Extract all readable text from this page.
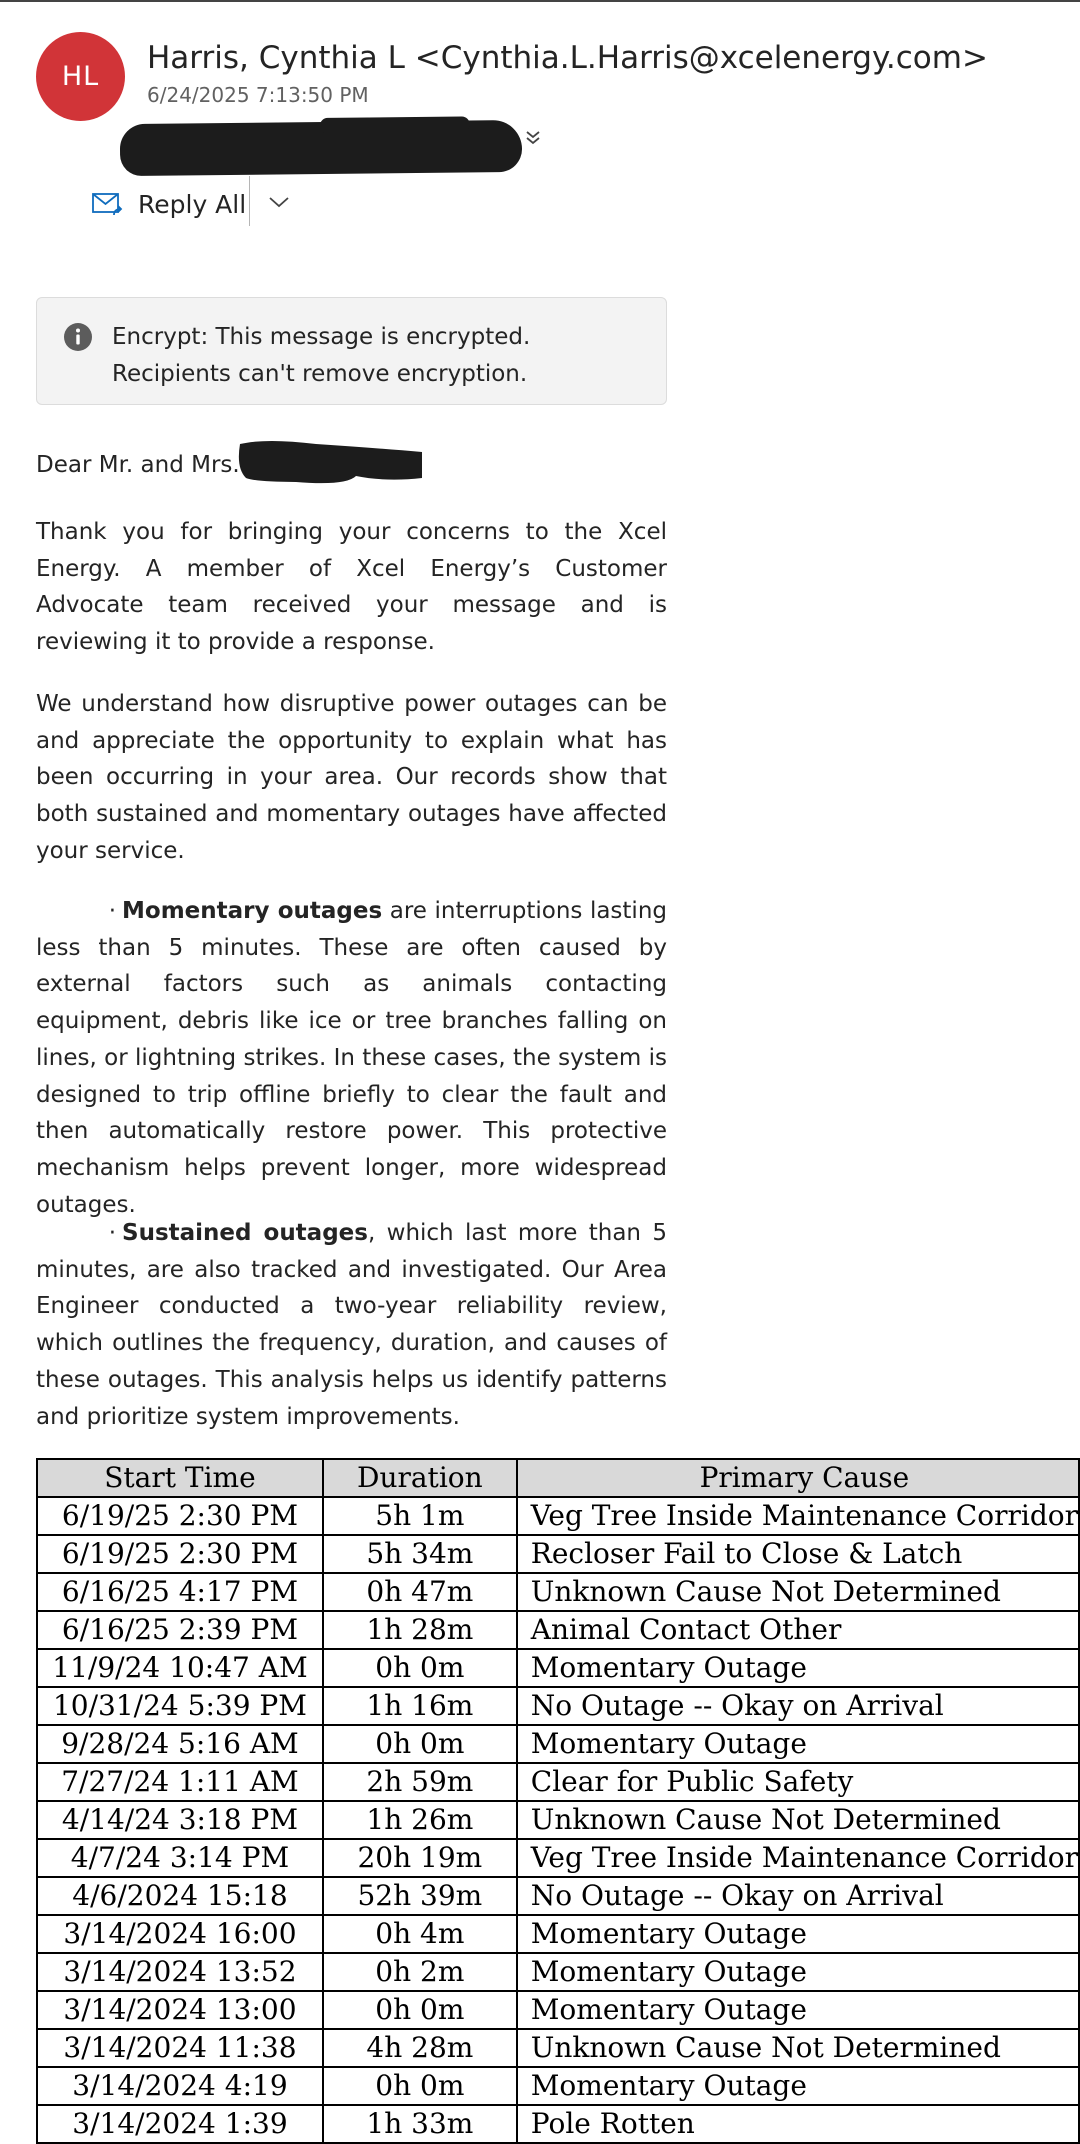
HL
Harris, Cynthia L <Cynthia.L.Harris@xcelenergy.com>
6/24/2025 7:13:50 PM
Reply All
Encrypt: This message is encrypted. Recipients can't remove encryption.
Dear Mr. and Mrs.
Thank you for bringing your concerns to the Xcel Energy. A member of Xcel Energy’s Customer Advocate team received your message and is reviewing it to provide a response.
We understand how disruptive power outages can be and appreciate the opportunity to explain what has been occurring in your area. Our records show that both sustained and momentary outages have affected your service.
· Momentary outages are interruptions lasting less than 5 minutes. These are often caused by external factors such as animals contacting equipment, debris like ice or tree branches falling on lines, or lightning strikes. In these cases, the system is designed to trip offline briefly to clear the fault and then automatically restore power. This protective mechanism helps prevent longer, more widespread outages.
· Sustained outages, which last more than 5 minutes, are also tracked and investigated. Our Area Engineer conducted a two-year reliability review, which outlines the frequency, duration, and causes of these outages. This analysis helps us identify patterns and prioritize system improvements.
Start Time	Duration	Primary Cause
6/19/25 2:30 PM	5h 1m	Veg Tree Inside Maintenance Corridor
6/19/25 2:30 PM	5h 34m	Recloser Fail to Close & Latch
6/16/25 4:17 PM	0h 47m	Unknown Cause Not Determined
6/16/25 2:39 PM	1h 28m	Animal Contact Other
11/9/24 10:47 AM	0h 0m	Momentary Outage
10/31/24 5:39 PM	1h 16m	No Outage -- Okay on Arrival
9/28/24 5:16 AM	0h 0m	Momentary Outage
7/27/24 1:11 AM	2h 59m	Clear for Public Safety
4/14/24 3:18 PM	1h 26m	Unknown Cause Not Determined
4/7/24 3:14 PM	20h 19m	Veg Tree Inside Maintenance Corridor
4/6/2024 15:18	52h 39m	No Outage -- Okay on Arrival
3/14/2024 16:00	0h 4m	Momentary Outage
3/14/2024 13:52	0h 2m	Momentary Outage
3/14/2024 13:00	0h 0m	Momentary Outage
3/14/2024 11:38	4h 28m	Unknown Cause Not Determined
3/14/2024 4:19	0h 0m	Momentary Outage
3/14/2024 1:39	1h 33m	Pole Rotten
